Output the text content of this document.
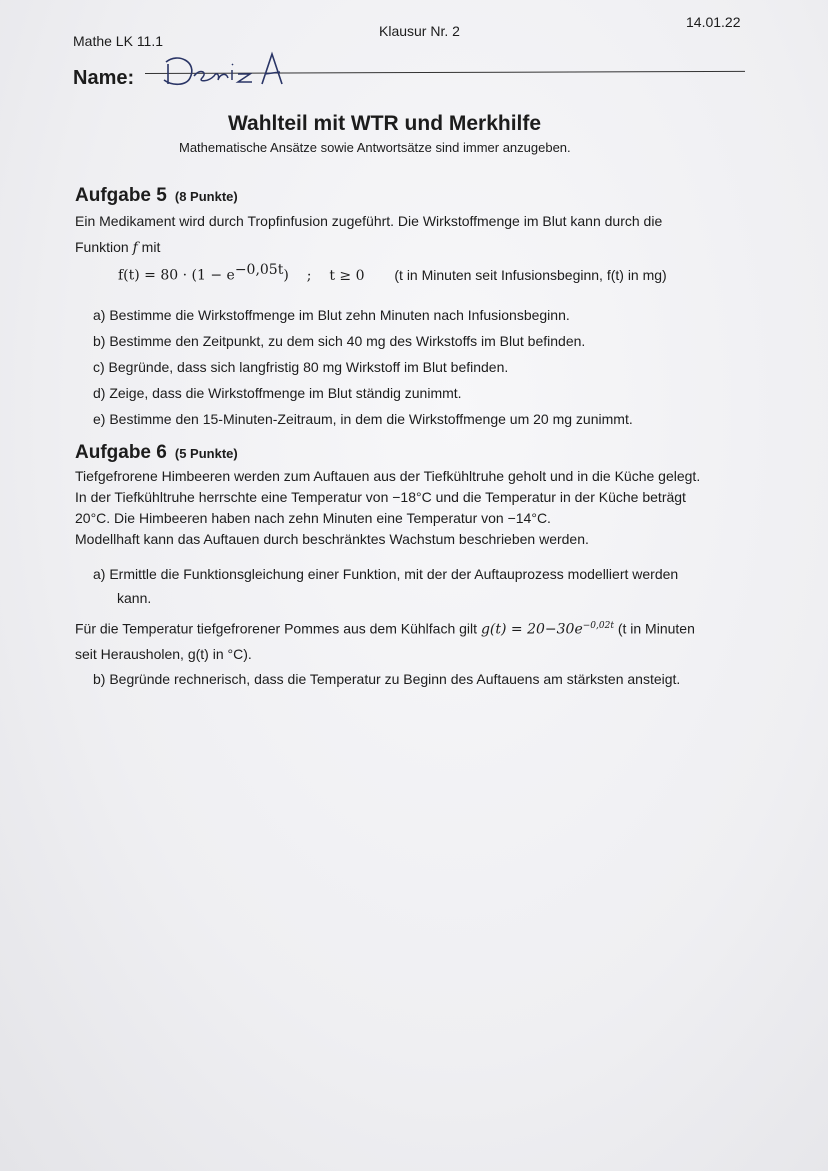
Mathe LK 11.1
Klausur Nr. 2
14.01.22
Name:
Wahlteil mit WTR und Merkhilfe
Mathematische Ansätze sowie Antwortsätze sind immer anzugeben.
Aufgabe 5 (8 Punkte)
Ein Medikament wird durch Tropfinfusion zugeführt. Die Wirkstoffmenge im Blut kann durch die
Funktion f mit
$f(t) = 80 \cdot (1 - e^{-0,05t})$ ; t ≥ 0 (t in Minuten seit Infusionsbeginn, f(t) in mg)
a) Bestimme die Wirkstoffmenge im Blut zehn Minuten nach Infusionsbeginn.
b) Bestimme den Zeitpunkt, zu dem sich 40 mg des Wirkstoffs im Blut befinden.
c) Begründe, dass sich langfristig 80 mg Wirkstoff im Blut befinden.
d) Zeige, dass die Wirkstoffmenge im Blut ständig zunimmt.
e) Bestimme den 15-Minuten-Zeitraum, in dem die Wirkstoffmenge um 20 mg zunimmt.
Aufgabe 6 (5 Punkte)
Tiefgefrorene Himbeeren werden zum Auftauen aus der Tiefkühltruhe geholt und in die Küche gelegt.
In der Tiefkühltruhe herrschte eine Temperatur von −18°C und die Temperatur in der Küche beträgt
20°C. Die Himbeeren haben nach zehn Minuten eine Temperatur von −14°C.
Modellhaft kann das Auftauen durch beschränktes Wachstum beschrieben werden.
a) Ermittle die Funktionsgleichung einer Funktion, mit der der Auftauprozess modelliert werden
kann.
Für die Temperatur tiefgefrorener Pommes aus dem Kühlfach gilt $g(t) = 20-30e^{-0,02t}$ (t in Minuten
seit Herausholen, g(t) in °C).
b) Begründe rechnerisch, dass die Temperatur zu Beginn des Auftauens am stärksten ansteigt.
